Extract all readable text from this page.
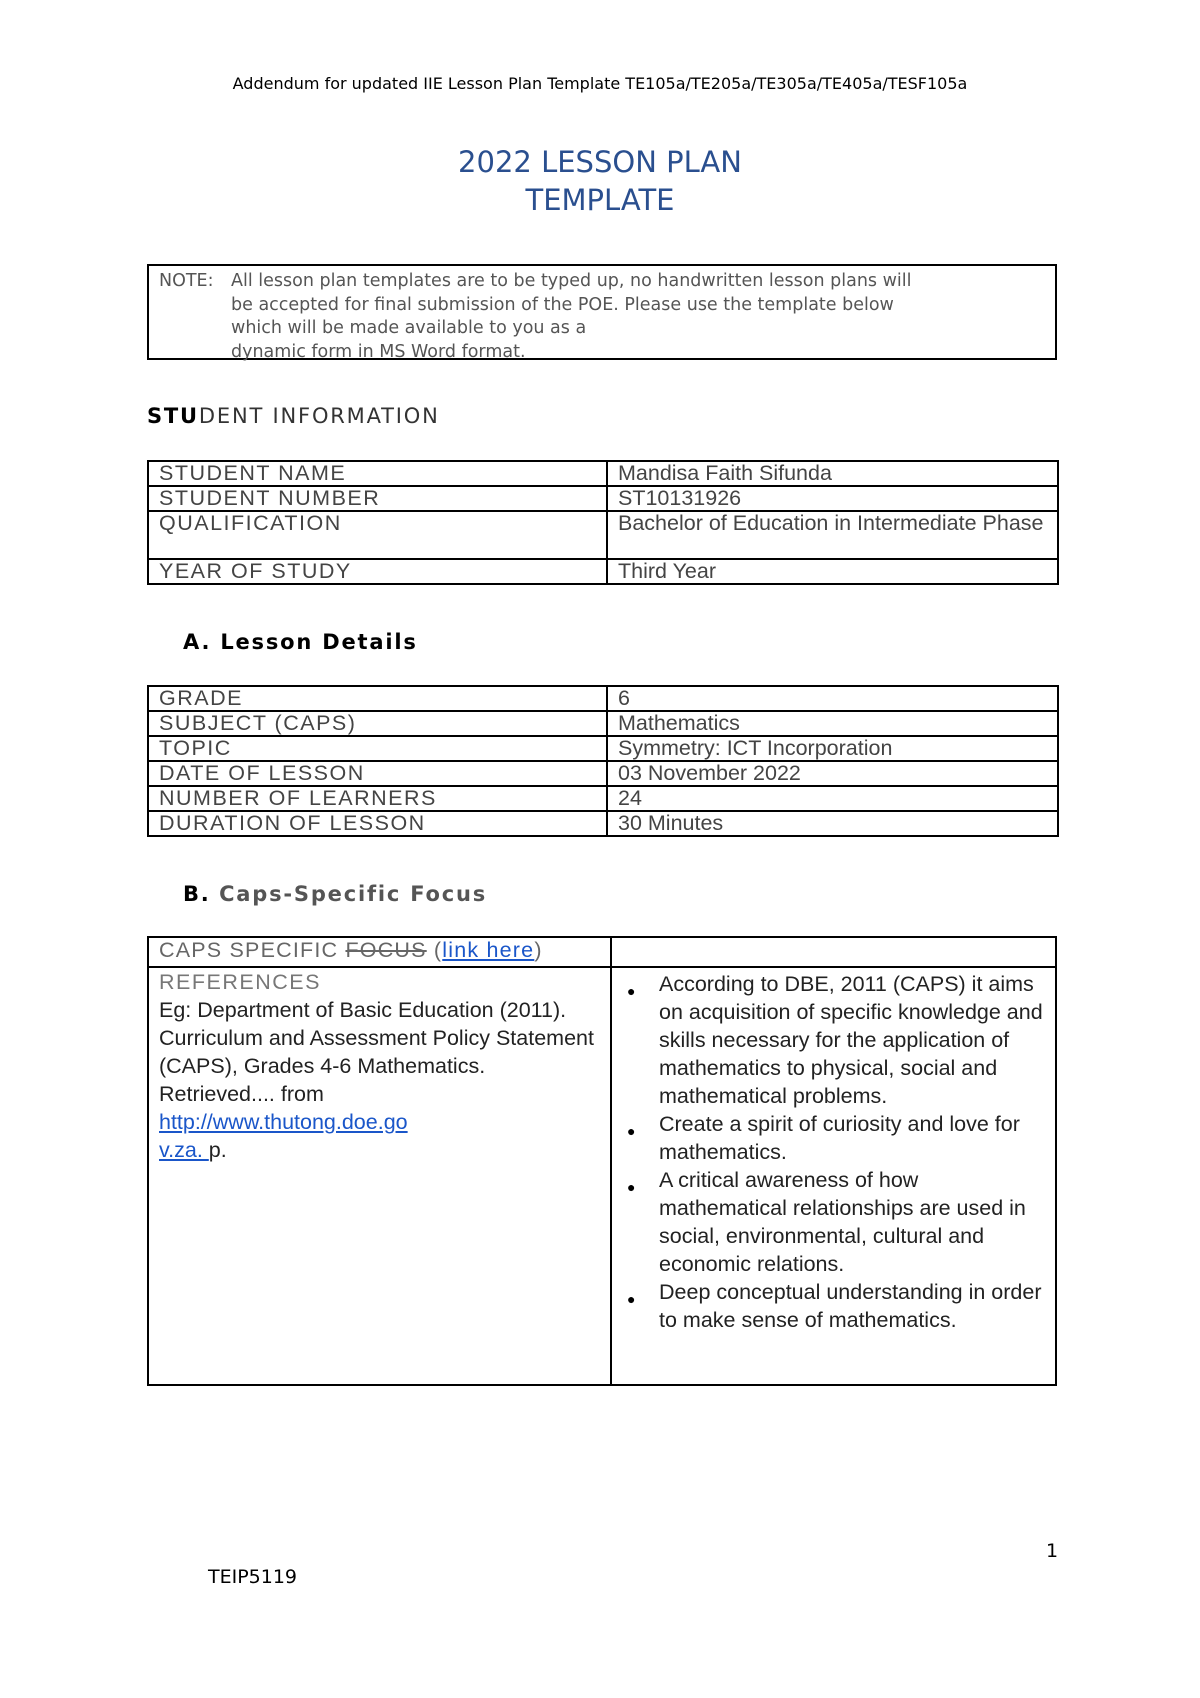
Addendum for updated IIE Lesson Plan Template TE105a/TE205a/TE305a/TE405a/TESF105a
2022 LESSON PLAN
TEMPLATE
NOTE: All lesson plan templates are to be typed up, no handwritten lesson plans will
be accepted for final submission of the POE. Please use the template below
which will be made available to you as a
dynamic form in MS Word format.
STUDENT INFORMATION
STUDENT NAME	Mandisa Faith Sifunda
STUDENT NUMBER	ST10131926
QUALIFICATION	Bachelor of Education in Intermediate Phase
YEAR OF STUDY	Third Year
A. Lesson Details
GRADE	6
SUBJECT (CAPS)	Mathematics
TOPIC	Symmetry: ICT Incorporation
DATE OF LESSON	03 November 2022
NUMBER OF LEARNERS	24
DURATION OF LESSON	30 Minutes
B. Caps-Specific Focus
CAPS SPECIFIC FOCUS (link here)
REFERENCES
Eg: Department of Basic Education (2011). Curriculum and Assessment Policy Statement (CAPS), Grades 4-6 Mathematics.
Retrieved.... from
http://www.thutong.doe.go
v.za. p.
● According to DBE, 2011 (CAPS) it aims on acquisition of specific knowledge and skills necessary for the application of mathematics to physical, social and mathematical problems.
● Create a spirit of curiosity and love for mathematics.
● A critical awareness of how mathematical relationships are used in social, environmental, cultural and economic relations.
● Deep conceptual understanding in order to make sense of mathematics.
1
TEIP5119
